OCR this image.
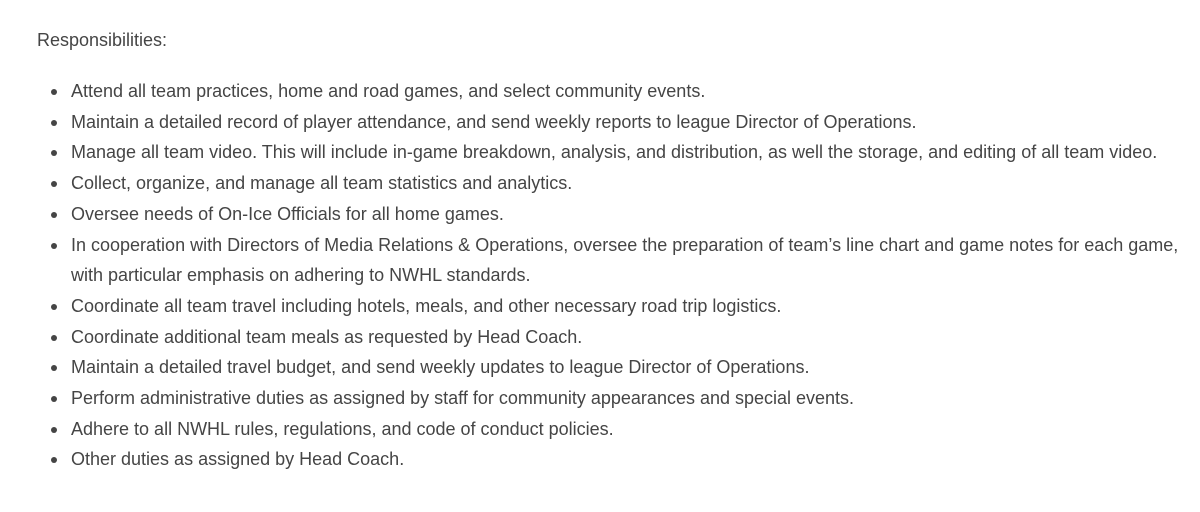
Responsibilities:

Attend all team practices, home and road games, and select community events.
Maintain a detailed record of player attendance, and send weekly reports to league Director of Operations.
Manage all team video. This will include in-game breakdown, analysis, and distribution, as well the storage, and editing of all team video.
Collect, organize, and manage all team statistics and analytics.
Oversee needs of On-Ice Officials for all home games.
In cooperation with Directors of Media Relations & Operations, oversee the preparation of team’s line chart and game notes for each game, with particular emphasis on adhering to NWHL standards.
Coordinate all team travel including hotels, meals, and other necessary road trip logistics.
Coordinate additional team meals as requested by Head Coach.
Maintain a detailed travel budget, and send weekly updates to league Director of Operations.
Perform administrative duties as assigned by staff for community appearances and special events.
Adhere to all NWHL rules, regulations, and code of conduct policies.
Other duties as assigned by Head Coach.
